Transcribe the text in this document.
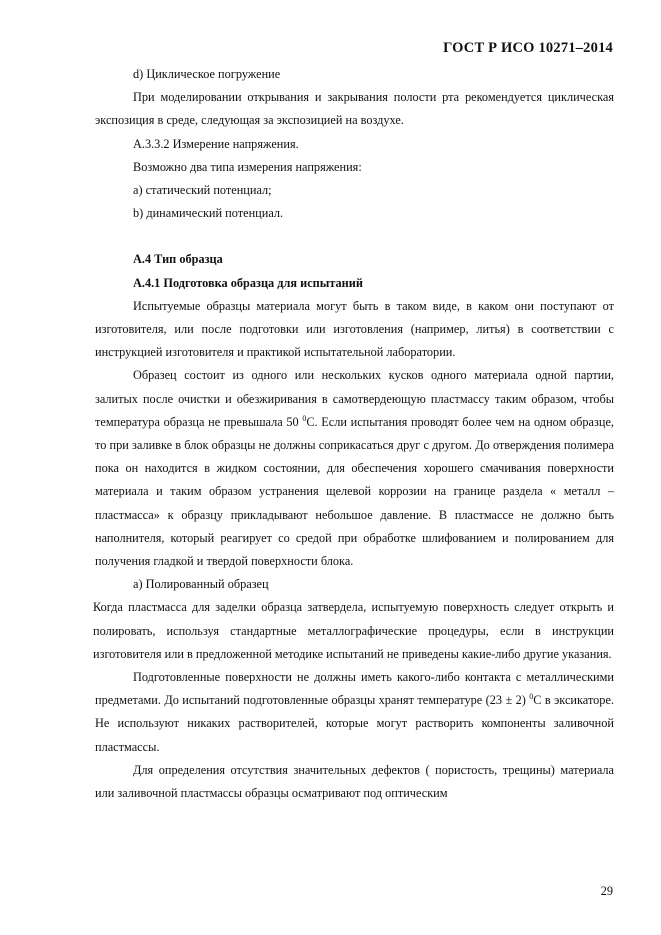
ГОСТ Р ИСО 10271–2014

d) Циклическое погружение

При моделировании открывания и закрывания полости рта рекомендуется циклическая экспозиция в среде, следующая за экспозицией на воздухе.

А.3.3.2 Измерение напряжения.

Возможно два типа измерения напряжения:

a) статический потенциал;

b) динамический потенциал.

А.4 Тип образца

А.4.1 Подготовка образца для испытаний

Испытуемые образцы материала могут быть в таком виде, в каком они поступают от изготовителя, или после подготовки или изготовления (например, литья) в соответствии с инструкцией изготовителя и практикой испытательной лаборатории.

Образец состоит из одного или нескольких кусков одного материала одной партии, залитых после очистки и обезжиривания в самотвердеющую пластмассу таким образом, чтобы температура образца не превышала 50 $^0$С. Если испытания проводят более чем на одном образце, то при заливке в блок образцы не должны соприкасаться друг с другом. До отверждения полимера пока он находится в жидком состоянии, для обеспечения хорошего смачивания поверхности материала и таким образом устранения щелевой коррозии на границе раздела « металл – пластмасса» к образцу прикладывают небольшое давление. В пластмассе не должно быть наполнителя, который реагирует со средой при обработке шлифованием и полированием для получения гладкой и твердой поверхности блока.

а) Полированный образец

Когда пластмасса для заделки образца затвердела, испытуемую поверхность следует открыть и полировать, используя стандартные металлографические процедуры, если в инструкции изготовителя или в предложенной методике испытаний не приведены какие-либо другие указания.

Подготовленные поверхности не должны иметь какого-либо контакта с металлическими предметами. До испытаний подготовленные образцы хранят температуре (23 ± 2) $^0$С в эксикаторе. Не используют никаких растворителей, которые могут растворить компоненты заливочной пластмассы.

Для определения отсутствия значительных дефектов ( пористость, трещины) материала или заливочной пластмассы образцы осматривают под оптическим

29
